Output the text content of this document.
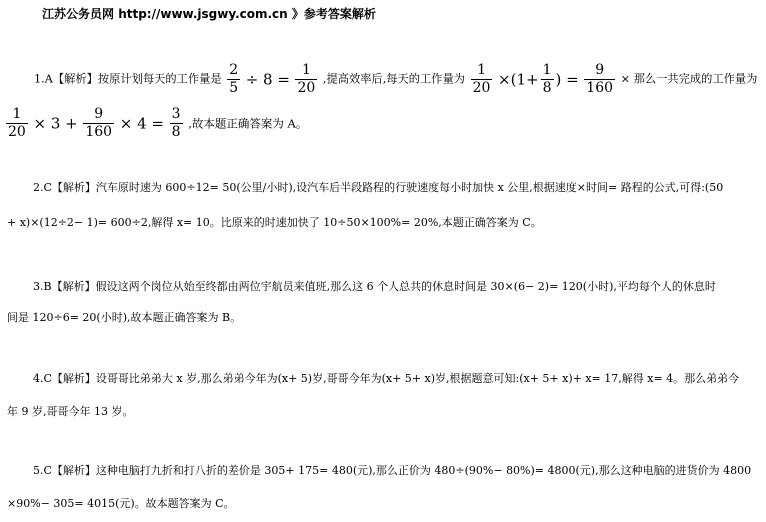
江苏公务员网 http://www.jsgwy.com.cn 》参考答案解析
1.A【解析】按原计划每天的工作量是 $\frac{2}{5} \div 8 = \frac{1}{20}$ ,提高效率后,每天的工作量为 $\frac{1}{20} \times(1+ \frac{1}{8}$ ) = $\frac{9}{160}$ × 那么一共完成的工作量为
$\frac{1}{20} \times 3 + \frac{9}{160} \times 4 = \frac{3}{8}$ ,故本题正确答案为 A。
2.C【解析】汽车原时速为 600÷12= 50(公里/小时),设汽车后半段路程的行驶速度每小时加快 x 公里,根据速度×时间= 路程的公式,可得:(50
+ x)×(12÷2− 1)= 600÷2,解得 x= 10。比原来的时速加快了 10÷50×100%= 20%,本题正确答案为 C。
3.B【解析】假设这两个岗位从始至终都由两位宇航员来值班,那么这 6 个人总共的休息时间是 30×(6− 2)= 120(小时),平均每个人的休息时
间是 120÷6= 20(小时),故本题正确答案为 B。
4.C【解析】设哥哥比弟弟大 x 岁,那么弟弟今年为(x+ 5)岁,哥哥今年为(x+ 5+ x)岁,根据题意可知:(x+ 5+ x)+ x= 17,解得 x= 4。那么弟弟今
年 9 岁,哥哥今年 13 岁。
5.C【解析】这种电脑打九折和打八折的差价是 305+ 175= 480(元),那么正价为 480÷(90%− 80%)= 4800(元),那么这种电脑的进货价为 4800
×90%− 305= 4015(元)。故本题答案为 C。
